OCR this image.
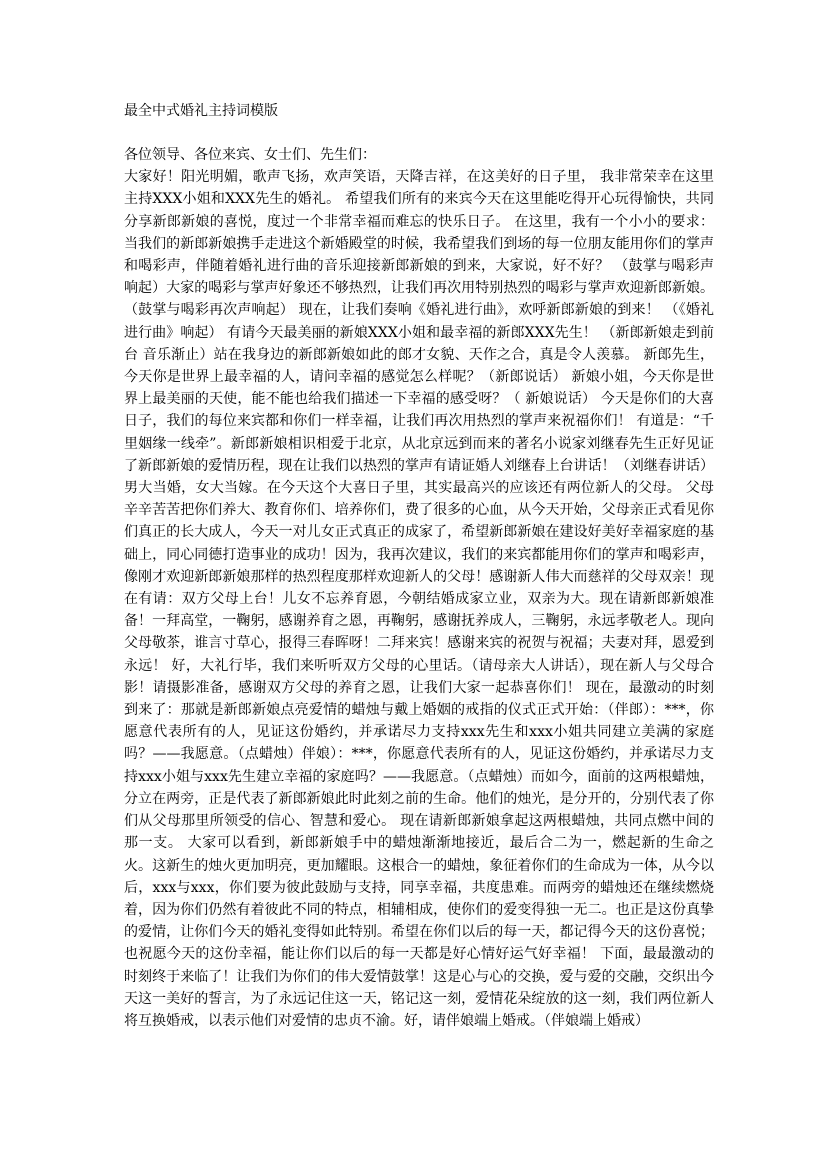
最全中式婚礼主持词模版

各位领导、各位来宾、女士们、先生们：

大家好！阳光明媚，歌声飞扬，欢声笑语，天降吉祥，在这美好的日子里， 我非常荣幸在这里主持XXX小姐和XXX先生的婚礼。 希望我们所有的来宾今天在这里能吃得开心玩得愉快，共同分享新郎新娘的喜悦，度过一个非常幸福而难忘的快乐日子。 在这里，我有一个小小的要求：当我们的新郎新娘携手走进这个新婚殿堂的时候，我希望我们到场的每一位朋友能用你们的掌声和喝彩声，伴随着婚礼进行曲的音乐迎接新郎新娘的到来，大家说，好不好？ （鼓掌与喝彩声响起）大家的喝彩与掌声好象还不够热烈，让我们再次用特别热烈的喝彩与掌声欢迎新郎新娘。（鼓掌与喝彩再次声响起） 现在，让我们奏响《婚礼进行曲》，欢呼新郎新娘的到来！ （《婚礼进行曲》响起） 有请今天最美丽的新娘XXX小姐和最幸福的新郎XXX先生！ （新郎新娘走到前台 音乐渐止）站在我身边的新郎新娘如此的郎才女貌、天作之合，真是令人羡慕。 新郎先生，今天你是世界上最幸福的人，请问幸福的感觉怎么样呢？（新郎说话） 新娘小姐，今天你是世界上最美丽的天使，能不能也给我们描述一下幸福的感受呀？（ 新娘说话） 今天是你们的大喜日子，我们的每位来宾都和你们一样幸福，让我们再次用热烈的掌声来祝福你们！ 有道是：“千里姻缘一线牵”。新郎新娘相识相爱于北京，从北京远到而来的著名小说家刘继春先生正好见证了新郎新娘的爱情历程，现在让我们以热烈的掌声有请证婚人刘继春上台讲话！（刘继春讲话）男大当婚，女大当嫁。在今天这个大喜日子里，其实最高兴的应该还有两位新人的父母。 父母辛辛苦苦把你们养大、教育你们、培养你们，费了很多的心血，从今天开始，父母亲正式看见你们真正的长大成人，今天一对儿女正式真正的成家了，希望新郎新娘在建设好美好幸福家庭的基础上，同心同德打造事业的成功！因为，我再次建议，我们的来宾都能用你们的掌声和喝彩声，像刚才欢迎新郎新娘那样的热烈程度那样欢迎新人的父母！感谢新人伟大而慈祥的父母双亲！现在有请：双方父母上台！儿女不忘养育恩，今朝结婚成家立业，双亲为大。现在请新郎新娘准备！一拜高堂，一鞠躬，感谢养育之恩，再鞠躬，感谢抚养成人，三鞠躬，永远孝敬老人。现向父母敬茶，谁言寸草心，报得三春晖呀！二拜来宾！感谢来宾的祝贺与祝福；夫妻对拜，恩爱到永远！ 好，大礼行毕，我们来听听双方父母的心里话。（请母亲大人讲话），现在新人与父母合影！请摄影准备，感谢双方父母的养育之恩，让我们大家一起恭喜你们！ 现在，最激动的时刻到来了：那就是新郎新娘点亮爱情的蜡烛与戴上婚姻的戒指的仪式正式开始：（伴郎）：***，你愿意代表所有的人，见证这份婚约，并承诺尽力支持xxx先生和xxx小姐共同建立美满的家庭吗？——我愿意。（点蜡烛）伴娘）：***，你愿意代表所有的人，见证这份婚约，并承诺尽力支持xxx小姐与xxx先生建立幸福的家庭吗？——我愿意。（点蜡烛）而如今，面前的这两根蜡烛，分立在两旁，正是代表了新郎新娘此时此刻之前的生命。他们的烛光，是分开的，分别代表了你们从父母那里所领受的信心、智慧和爱心。 现在请新郎新娘拿起这两根蜡烛，共同点燃中间的那一支。 大家可以看到，新郎新娘手中的蜡烛渐渐地接近，最后合二为一，燃起新的生命之火。这新生的烛火更加明亮，更加耀眼。这根合一的蜡烛，象征着你们的生命成为一体，从今以后，xxx与xxx，你们要为彼此鼓励与支持，同享幸福，共度患难。而两旁的蜡烛还在继续燃烧着，因为你们仍然有着彼此不同的特点，相辅相成，使你们的爱变得独一无二。也正是这份真挚的爱情，让你们今天的婚礼变得如此特别。希望在你们以后的每一天，都记得今天的这份喜悦；也祝愿今天的这份幸福，能让你们以后的每一天都是好心情好运气好幸福！ 下面，最最激动的时刻终于来临了！让我们为你们的伟大爱情鼓掌！这是心与心的交换，爱与爱的交融，交织出今天这一美好的誓言，为了永远记住这一天，铭记这一刻，爱情花朵绽放的这一刻，我们两位新人将互换婚戒，以表示他们对爱情的忠贞不渝。好，请伴娘端上婚戒。（伴娘端上婚戒）
